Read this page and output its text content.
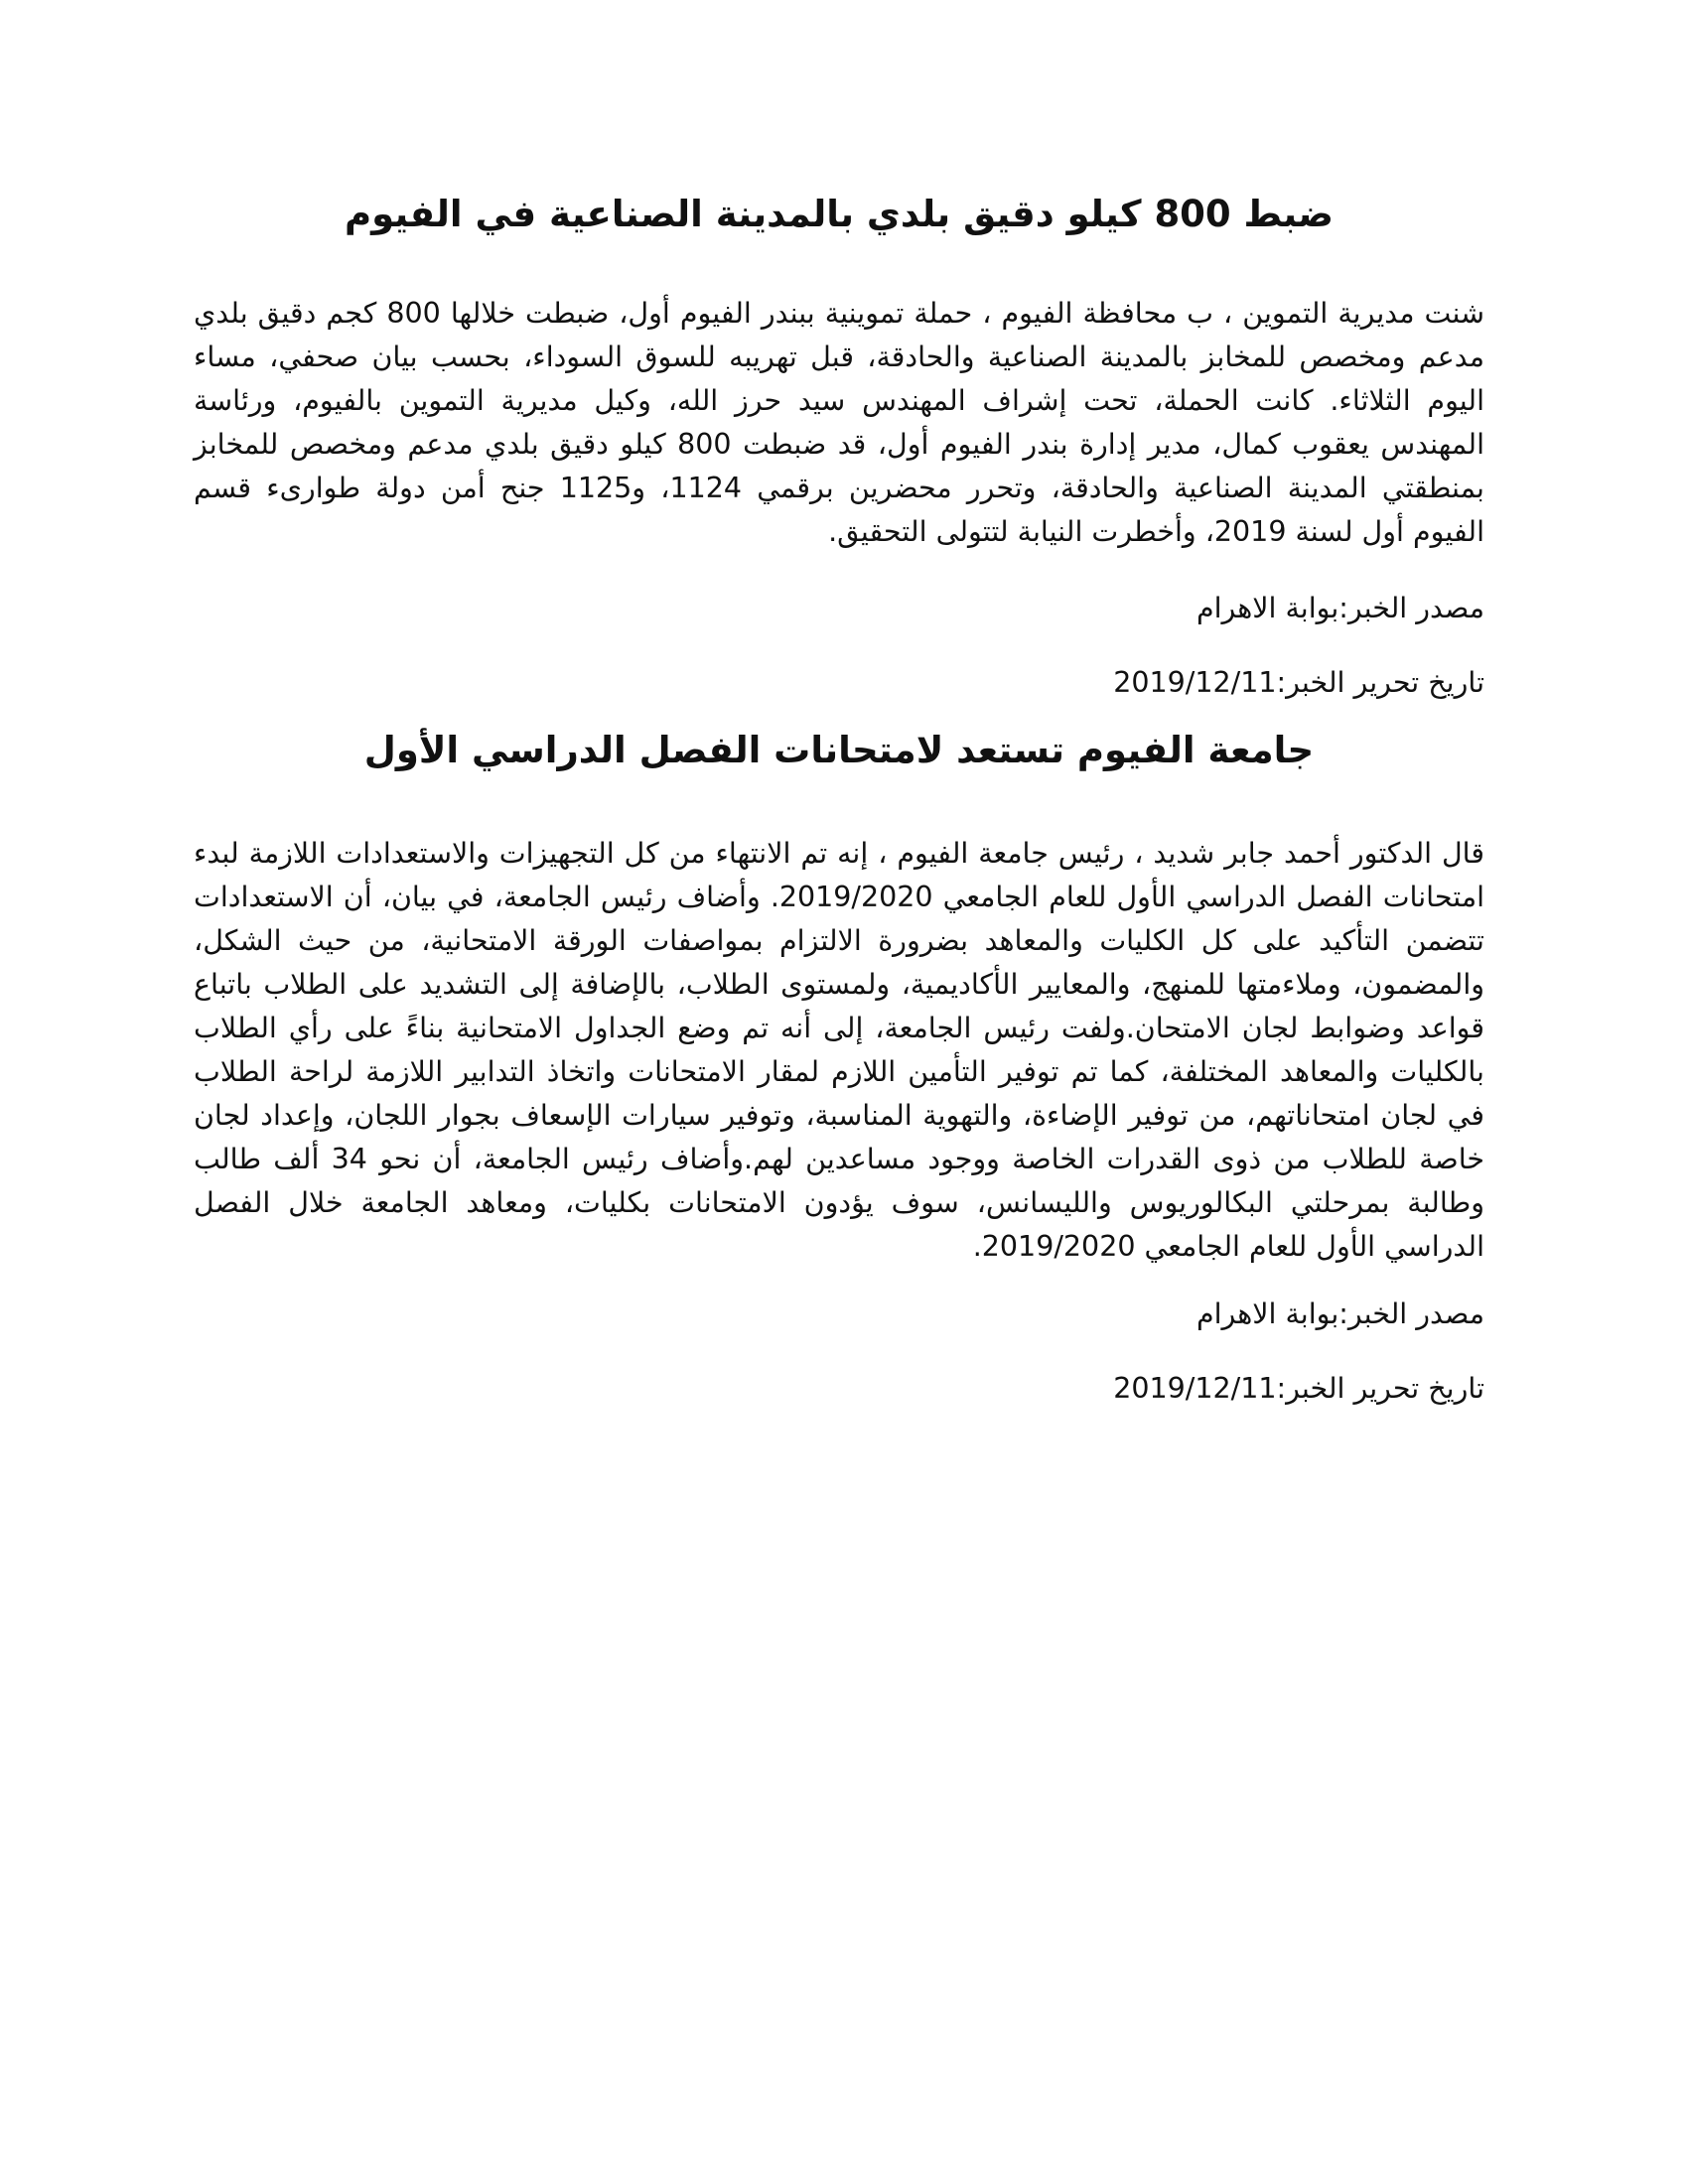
ضبط 800 كيلو دقيق بلدي بالمدينة الصناعية في الفيوم

شنت مديرية التموين ، ب محافظة الفيوم ، حملة تموينية ببندر الفيوم أول، ضبطت خلالها 800 كجم دقيق بلدي مدعم ومخصص للمخابز بالمدينة الصناعية والحادقة، قبل تهريبه للسوق السوداء، بحسب بيان صحفي، مساء اليوم الثلاثاء. كانت الحملة، تحت إشراف المهندس سيد حرز الله، وكيل مديرية التموين بالفيوم، ورئاسة المهندس يعقوب كمال، مدير إدارة بندر الفيوم أول، قد ضبطت 800 كيلو دقيق بلدي مدعم ومخصص للمخابز بمنطقتي المدينة الصناعية والحادقة، وتحرر محضرين برقمي 1124، و1125 جنح أمن دولة طوارىء قسم الفيوم أول لسنة 2019، وأخطرت النيابة لتتولى التحقيق.

مصدر الخبر:بوابة الاهرام

تاريخ تحرير الخبر:2019/12/11

جامعة الفيوم تستعد لامتحانات الفصل الدراسي الأول

قال الدكتور أحمد جابر شديد ، رئيس جامعة الفيوم ، إنه تم الانتهاء من كل التجهيزات والاستعدادات اللازمة لبدء امتحانات الفصل الدراسي الأول للعام الجامعي 2019/2020. وأضاف رئيس الجامعة، في بيان، أن الاستعدادات تتضمن التأكيد على كل الكليات والمعاهد بضرورة الالتزام بمواصفات الورقة الامتحانية، من حيث الشكل، والمضمون، وملاءمتها للمنهج، والمعايير الأكاديمية، ولمستوى الطلاب، بالإضافة إلى التشديد على الطلاب باتباع قواعد وضوابط لجان الامتحان.ولفت رئيس الجامعة، إلى أنه تم وضع الجداول الامتحانية بناءً على رأي الطلاب بالكليات والمعاهد المختلفة، كما تم توفير التأمين اللازم لمقار الامتحانات واتخاذ التدابير اللازمة لراحة الطلاب في لجان امتحاناتهم، من توفير الإضاءة، والتهوية المناسبة، وتوفير سيارات الإسعاف بجوار اللجان، وإعداد لجان خاصة للطلاب من ذوى القدرات الخاصة ووجود مساعدين لهم.وأضاف رئيس الجامعة، أن نحو 34 ألف طالب وطالبة بمرحلتي البكالوريوس والليسانس، سوف يؤدون الامتحانات بكليات، ومعاهد الجامعة خلال الفصل الدراسي الأول للعام الجامعي 2019/2020.

مصدر الخبر:بوابة الاهرام

تاريخ تحرير الخبر:2019/12/11
